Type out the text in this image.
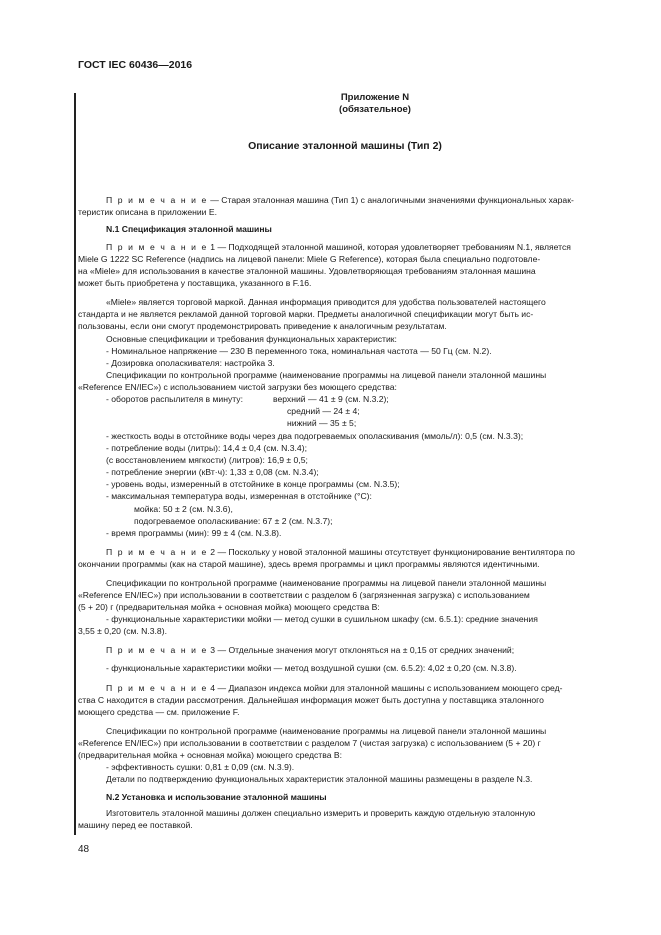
ГОСТ IEC 60436—2016
Приложение N
(обязательное)
Описание эталонной машины (Тип 2)
П р и м е ч а н и е — Старая эталонная машина (Тип 1) с аналогичными значениями функциональных харак-
теристик описана в приложении Е.
N.1 Спецификация эталонной машины
П р и м е ч а н и е 1 — Подходящей эталонной машиной, которая удовлетворяет требованиям N.1, является
Miele G 1222 SC Reference (надпись на лицевой панели: Miele G Reference), которая была специально подготовле-
на «Miele» для использования в качестве эталонной машины. Удовлетворяющая требованиям эталонная машина
может быть приобретена у поставщика, указанного в F.16.
«Miele» является торговой маркой. Данная информация приводится для удобства пользователей настоящего
стандарта и не является рекламой данной торговой марки. Предметы аналогичной спецификации могут быть ис-
пользованы, если они смогут продемонстрировать приведение к аналогичным результатам.
Основные спецификации и требования функциональных характеристик:
- Номинальное напряжение — 230 В переменного тока, номинальная частота — 50 Гц (см. N.2).
- Дозировка ополаскивателя: настройка 3.
Спецификации по контрольной программе (наименование программы на лицевой панели эталонной машины
«Reference EN/IEC») с использованием чистой загрузки без моющего средства:
- оборотов распылителя в минуту:	верхний — 41 ± 9 (см. N.3.2);
средний — 24 ± 4;
нижний — 35 ± 5;
- жесткость воды в отстойнике воды через два подогреваемых ополаскивания (ммоль/л): 0,5 (см. N.3.3);
- потребление воды (литры): 14,4 ± 0,4 (см. N.3.4);
(с восстановлением мягкости) (литров): 16,9 ± 0,5;
- потребление энергии (кВт·ч): 1,33 ± 0,08 (см. N.3.4);
- уровень воды, измеренный в отстойнике в конце программы (см. N.3.5);
- максимальная температура воды, измеренная в отстойнике (°С):
мойка: 50 ± 2 (см. N.3.6),
подогреваемое ополаскивание: 67 ± 2 (см. N.3.7);
- время программы (мин): 99 ± 4 (см. N.3.8).
П р и м е ч а н и е 2 — Поскольку у новой эталонной машины отсутствует функционирование вентилятора по
окончании программы (как на старой машине), здесь время программы и цикл программы являются идентичными.
Спецификации по контрольной программе (наименование программы на лицевой панели эталонной машины
«Reference EN/IEC») при использовании в соответствии с разделом 6 (загрязненная загрузка) с использованием
(5 + 20) г (предварительная мойка + основная мойка) моющего средства В:
- функциональные характеристики мойки — метод сушки в сушильном шкафу (см. 6.5.1): средние значения
3,55 ± 0,20 (см. N.3.8).
П р и м е ч а н и е 3 — Отдельные значения могут отклоняться на ± 0,15 от средних значений;
- функциональные характеристики мойки — метод воздушной сушки (см. 6.5.2): 4,02 ± 0,20 (см. N.3.8).
П р и м е ч а н и е 4 — Диапазон индекса мойки для эталонной машины с использованием моющего сред-
ства С находится в стадии рассмотрения. Дальнейшая информация может быть доступна у поставщика эталонного
моющего средства — см. приложение F.
Спецификации по контрольной программе (наименование программы на лицевой панели эталонной машины
«Reference EN/IEC») при использовании в соответствии с разделом 7 (чистая загрузка) с использованием (5 + 20) г
(предварительная мойка + основная мойка) моющего средства В:
- эффективность сушки: 0,81 ± 0,09 (см. N.3.9).
Детали по подтверждению функциональных характеристик эталонной машины размещены в разделе N.3.
N.2 Установка и использование эталонной машины
Изготовитель эталонной машины должен специально измерить и проверить каждую отдельную эталонную
машину перед ее поставкой.
48
